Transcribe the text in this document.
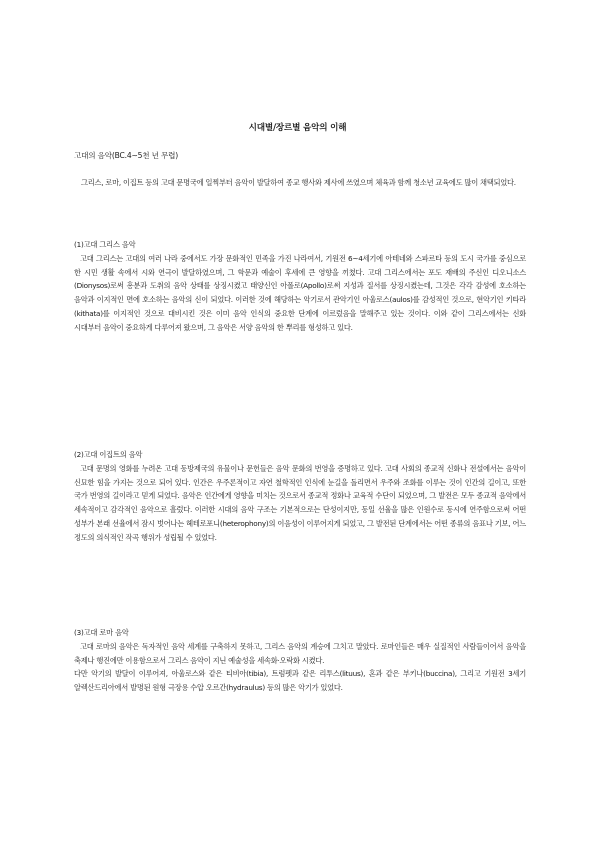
시대별/장르별 음악의 이해
고대의 음악(BC.4~5천 년 무렵)
그리스, 로마, 이집트 등의 고대 문명국에 일찍부터 음악이 발달하여 종교 행사와 제사에 쓰였으며 체육과 함께 청소년 교육에도 많이 채택되었다.
(1)고대 그리스 음악

고대 그리스는 고대의 여러 나라 중에서도 가장 문화적인 민족을 가진 나라여서, 기원전 6~4세기에 아테네와 스파르타 등의 도시 국가를 중심으로 한 시민 생활 속에서 시와 연극이 발달하였으며, 그 학문과 예술이 후세에 큰 영향을 끼쳤다. 고대 그리스에서는 포도 재배의 주신인 디오니소스(Dionysos)로써 흥분과 도취의 음악 상태를 상징시켰고 태양신인 아폴로(Apollo)로써 지성과 질서를 상징시켰는데, 그것은 각각 감성에 호소하는 음악과 이지적인 면에 호소하는 음악의 신이 되었다. 이러한 것에 해당하는 악기로서 관악기인 아울로스(aulos)를 감성적인 것으로, 현악기인 키타라(kithata)를 이지적인 것으로 대비시킨 것은 이미 음악 인식의 중요한 단계에 이르렀음을 말해주고 있는 것이다. 이와 같이 그리스에서는 신화 시대부터 음악이 중요하게 다루어져 왔으며, 그 음악은 서양 음악의 한 뿌리를 형성하고 있다.

(2)고대 이집트의 음악

고대 문명의 영화를 누려온 고대 동방제국의 유물이나 문헌들은 음악 문화의 번영을 증명하고 있다. 고대 사회의 종교적 신화나 전설에서는 음악이 신묘한 힘을 가지는 것으로 되어 있다. 인간은 우주론적이고 자연 철학적인 인식에 눈길을 돌리면서 우주와 조화를 이루는 것이 인간의 길이고, 또한 국가 번영의 길이라고 믿게 되었다. 음악은 인간에게 영향을 미치는 것으로서 종교적 정화나 교육적 수단이 되었으며, 그 발전은 모두 종교적 음악에서 세속적이고 감각적인 음악으로 흘렀다. 이러한 시대의 음악 구조는 기본적으로는 단성이지만, 동일 선율을 많은 인원수로 동시에 연주함으로써 어떤 성부가 본래 선율에서 잠시 벗어나는 헤테로포니(heterophony)의 이음성이 이루어지게 되었고, 그 발전된 단계에서는 어떤 종류의 음표나 기보, 어느 정도의 의식적인 작곡 행위가 성립될 수 있었다.

(3)고대 로마 음악

고대 로마의 음악은 독자적인 음악 세계를 구축하지 못하고, 그리스 음악의 계승에 그치고 말았다. 로마인들은 매우 실질적인 사람들이어서 음악을 축제나 행진에만 이용함으로서 그리스 음악이 지닌 예술성을 세속화·오락화 시켰다.

다만 악기의 발달이 이루어져, 아울로스와 같은 티비아(tibia), 트럼펫과 같은 리투스(lituus), 혼과 같은 부키나(buccina), 그리고 기원전 3세기 알렉산드리아에서 발명된 원형 극장용 수압 오르간(hydraulus) 등의 많은 악기가 있었다.
